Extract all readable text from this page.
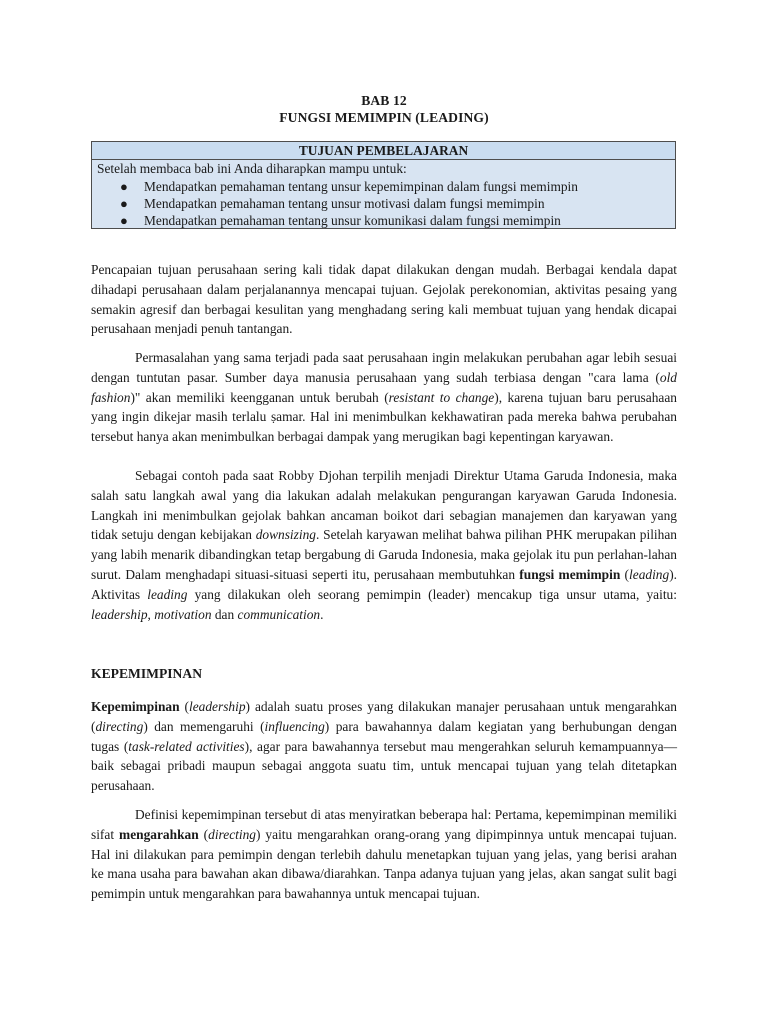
BAB 12
FUNGSI MEMIMPIN (LEADING)
TUJUAN PEMBELAJARAN
Setelah membaca bab ini Anda diharapkan mampu untuk:
● Mendapatkan pemahaman tentang unsur kepemimpinan dalam fungsi memimpin
● Mendapatkan pemahaman tentang unsur motivasi dalam fungsi memimpin
● Mendapatkan pemahaman tentang unsur komunikasi dalam fungsi memimpin

Pencapaian tujuan perusahaan sering kali tidak dapat dilakukan dengan mudah. Berbagai kendala dapat dihadapi perusahaan dalam perjalanannya mencapai tujuan. Gejolak perekonomian, aktivitas pesaing yang semakin agresif dan berbagai kesulitan yang menghadang sering kali membuat tujuan yang hendak dicapai perusahaan menjadi penuh tantangan.

Permasalahan yang sama terjadi pada saat perusahaan ingin melakukan perubahan agar lebih sesuai dengan tuntutan pasar. Sumber daya manusia perusahaan yang sudah terbiasa dengan "cara lama (old fashion)" akan memiliki keengganan untuk berubah (resistant to change), karena tujuan baru perusahaan yang ingin dikejar masih terlalu ṣamar. Hal ini menimbulkan kekhawatiran pada mereka bahwa perubahan tersebut hanya akan menimbulkan berbagai dampak yang merugikan bagi kepentingan karyawan.

Sebagai contoh pada saat Robby Djohan terpilih menjadi Direktur Utama Garuda Indonesia, maka salah satu langkah awal yang dia lakukan adalah melakukan pengurangan karyawan Garuda Indonesia. Langkah ini menimbulkan gejolak bahkan ancaman boikot dari sebagian manajemen dan karyawan yang tidak setuju dengan kebijakan downsizing. Setelah karyawan melihat bahwa pilihan PHK merupakan pilihan yang labih menarik dibandingkan tetap bergabung di Garuda Indonesia, maka gejolak itu pun perlahan-lahan surut. Dalam menghadapi situasi-situasi seperti itu, perusahaan membutuhkan fungsi memimpin (leading). Aktivitas leading yang dilakukan oleh seorang pemimpin (leader) mencakup tiga unsur utama, yaitu: leadership, motivation dan communication.

KEPEMIMPINAN

Kepemimpinan (leadership) adalah suatu proses yang dilakukan manajer perusahaan untuk mengarahkan (directing) dan memengaruhi (influencing) para bawahannya dalam kegiatan yang berhubungan dengan tugas (task-related activities), agar para bawahannya tersebut mau mengerahkan seluruh kemampuannya—baik sebagai pribadi maupun sebagai anggota suatu tim, untuk mencapai tujuan yang telah ditetapkan perusahaan.

Definisi kepemimpinan tersebut di atas menyiratkan beberapa hal: Pertama, kepemimpinan memiliki sifat mengarahkan (directing) yaitu mengarahkan orang-orang yang dipimpinnya untuk mencapai tujuan. Hal ini dilakukan para pemimpin dengan terlebih dahulu menetapkan tujuan yang jelas, yang berisi arahan ke mana usaha para bawahan akan dibawa/diarahkan. Tanpa adanya tujuan yang jelas, akan sangat sulit bagi pemimpin untuk mengarahkan para bawahannya untuk mencapai tujuan.
